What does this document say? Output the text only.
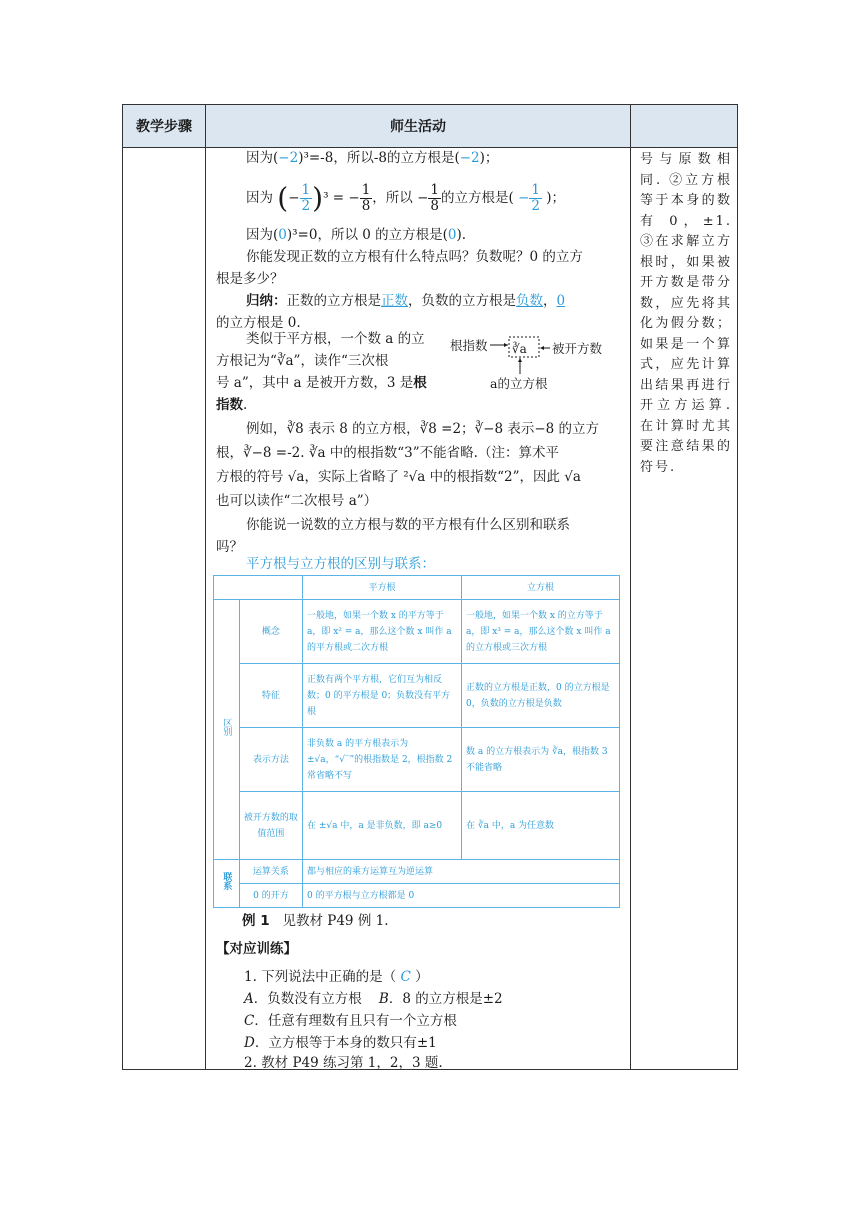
教学步骤	师生活动
因为(−2)³=-8，所以-8的立方根是(−2)；
因为 (− $\frac{1}{2} )^3$ = − $\frac{1}{8}$ ，所以 − $\frac{1}{8}$ 的立方根是( − $\frac{1}{2}$ )；
因为(0)³=0，所以 0 的立方根是(0).
你能发现正数的立方根有什么特点吗？负数呢？0 的立方
根是多少？
归纳：正数的立方根是正数，负数的立方根是负数，0
的立方根是 0.
类似于平方根，一个数 a 的立
方根记为“∛a”，读作“三次根
号 a”，其中 a 是被开方数，3 是根
指数.
根指数 ∛a 被开方数
a的立方根
例如，∛8 表示 8 的立方根，∛8 =2；∛−8 表示−8 的立方
根，∛−8 =-2. ∛a 中的根指数“3”不能省略.（注：算术平
方根的符号 √a，实际上省略了 ²√a 中的根指数“2”，因此 √a
也可以读作“二次根号 a”）
你能说一说数的立方根与数的平方根有什么区别和联系
吗？
平方根与立方根的区别与联系：
		平方根	立方根
区别	概念	一般地，如果一个数 x 的平方等于 a，即 x² = a，那么这个数 x 叫作 a 的平方根或二次方根	一般地，如果一个数 x 的立方等于 a，即 x³ = a，那么这个数 x 叫作 a 的立方根或三次方根
	特征	正数有两个平方根，它们互为相反数；0 的平方根是 0；负数没有平方根	正数的立方根是正数，0 的立方根是 0，负数的立方根是负数
	表示方法	非负数 a 的平方根表示为 ±√a，“√‾”的根指数是 2，根指数 2 常省略不写	数 a 的立方根表示为 ∛a，根指数 3 不能省略
	被开方数的取值范围	在 ±√a 中，a 是非负数，即 a≥0	在 ∛a 中，a 为任意数
联系	运算关系	都与相应的乘方运算互为逆运算	
	0 的开方	0 的平方根与立方根都是 0	
例 1 见教材 P49 例 1.
【对应训练】
1. 下列说法中正确的是（ C ）
A．负数没有立方根 B．8 的立方根是±2
C．任意有理数有且只有一个立方根
D．立方根等于本身的数只有±1
2. 教材 P49 练习第 1，2，3 题.
号与原数相同. ②立方根等于本身的数有 0，±1. ③在求解立方根时，如果被开方数是带分数，应先将其化为假分数；如果是一个算式，应先计算出结果再进行开立方运算. 在计算时尤其要注意结果的符号.
